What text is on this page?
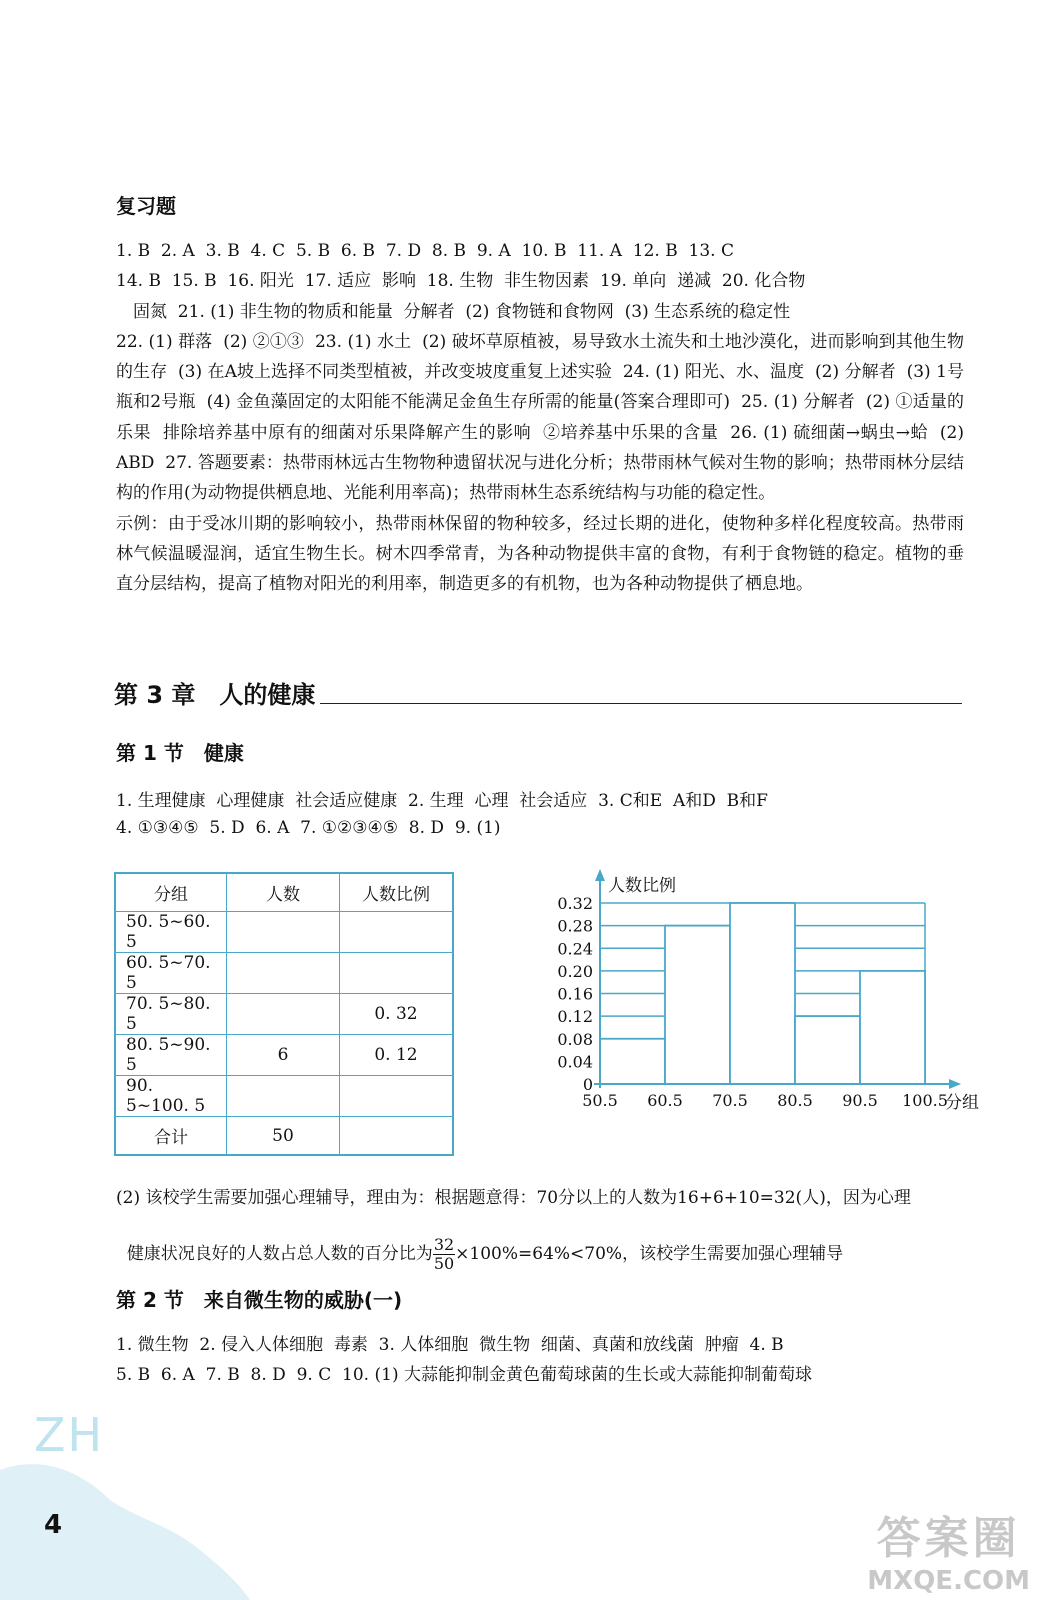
复习题

1. B  2. A  3. B  4. C  5. B  6. B  7. D  8. B  9. A  10. B  11. A  12. B  13. C
14. B  15. B  16. 阳光  17. 适应  影响  18. 生物  非生物因素  19. 单向  递减  20. 化合物
　固氮  21. (1) 非生物的物质和能量  分解者  (2) 食物链和食物网  (3) 生态系统的稳定性
22. (1) 群落  (2) ②①③  23. (1) 水土  (2) 破坏草原植被，易导致水土流失和土地沙漠化，进而影响到其他生物的生存  (3) 在A坡上选择不同类型植被，并改变坡度重复上述实验  24. (1) 阳光、水、温度  (2) 分解者  (3) 1号瓶和2号瓶  (4) 金鱼藻固定的太阳能不能满足金鱼生存所需的能量(答案合理即可)  25. (1) 分解者  (2) ①适量的乐果  排除培养基中原有的细菌对乐果降解产生的影响  ②培养基中乐果的含量  26. (1) 硫细菌→蜗虫→蛤  (2) ABD  27. 答题要素：热带雨林远古生物物种遗留状况与进化分析；热带雨林气候对生物的影响；热带雨林分层结构的作用(为动物提供栖息地、光能利用率高)；热带雨林生态系统结构与功能的稳定性。
示例：由于受冰川期的影响较小，热带雨林保留的物种较多，经过长期的进化，使物种多样化程度较高。热带雨林气候温暖湿润，适宜生物生长。树木四季常青，为各种动物提供丰富的食物，有利于食物链的稳定。植物的垂直分层结构，提高了植物对阳光的利用率，制造更多的有机物，也为各种动物提供了栖息地。

第 3 章　人的健康
第 1 节　健康
1. 生理健康  心理健康  社会适应健康  2. 生理  心理  社会适应  3. C和E  A和D  B和F
4. ①③④⑤  5. D  6. A  7. ①②③④⑤  8. D  9. (1)
分组	人数	人数比例
50. 5~60. 5		
60. 5~70. 5		
70. 5~80. 5		0. 32
80. 5~90. 5	6	0. 12
90. 5~100. 5		
合计	50	
0
0.04
0.08
0.12
0.16
0.20
0.24
0.28
0.32
50.5 60.5 70.5 80.5 90.5 100.5
人数比例
分组
(2) 该校学生需要加强心理辅导，理由为：根据题意得：70分以上的人数为16+6+10=32(人)，因为心理

健康状况良好的人数占总人数的百分比为 $\frac{32}{50} \times 100\%=64\%<70\%$，该校学生需要加强心理辅导

第 2 节　来自微生物的威胁(一)
1. 微生物  2. 侵入人体细胞  毒素  3. 人体细胞  微生物  细菌、真菌和放线菌  肿瘤  4. B
5. B  6. A  7. B  8. D  9. C  10. (1) 大蒜能抑制金黄色葡萄球菌的生长或大蒜能抑制葡萄球
ZH
4	答案圈
MXQE.COM
